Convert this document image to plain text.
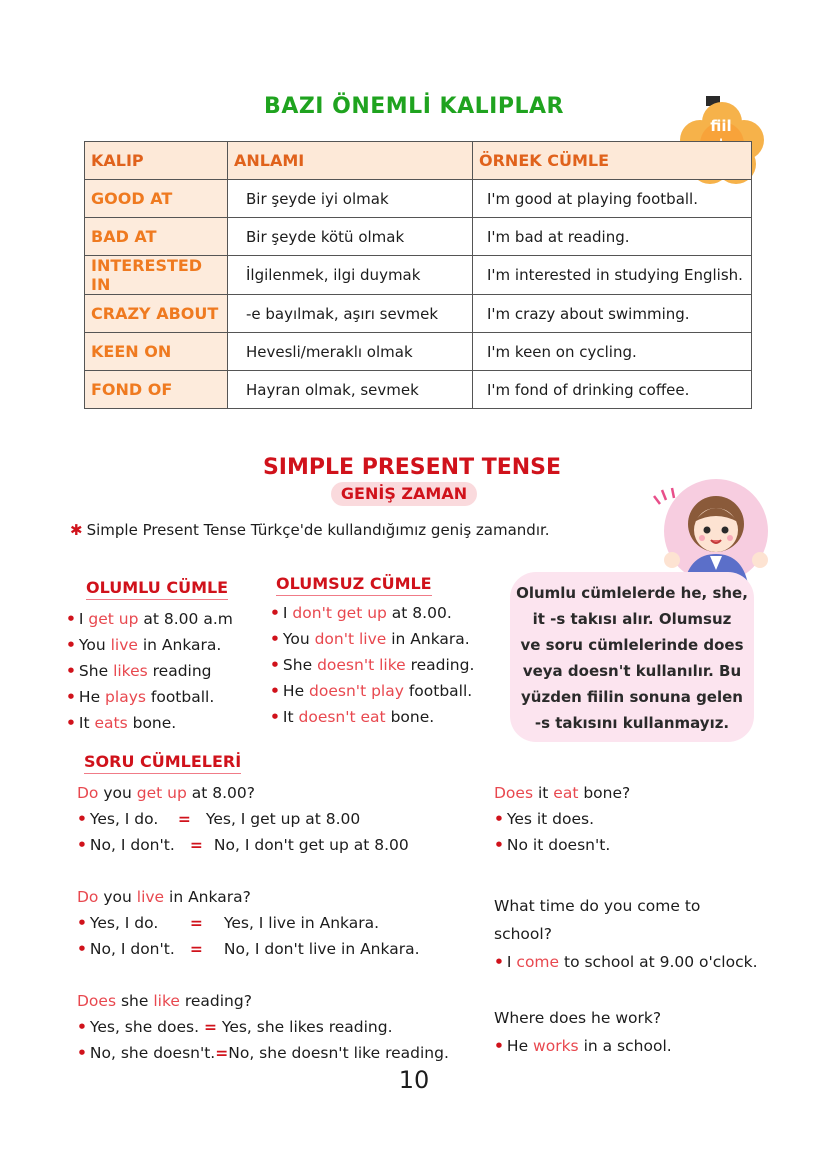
BAZI ÖNEMLİ KALIPLAR
fiil
KALIP	ANLAMI	ÖRNEK CÜMLE
GOOD AT	Bir şeyde iyi olmak	I'm good at playing football.
BAD AT	Bir şeyde kötü olmak	I'm bad at reading.
INTERESTED IN	İlgilenmek, ilgi duymak	I'm interested in studying English.
CRAZY ABOUT	-e bayılmak, aşırı sevmek	I'm crazy about swimming.
KEEN ON	Hevesli/meraklı olmak	I'm keen on cycling.
FOND OF	Hayran olmak, sevmek	I'm fond of drinking coffee.
SIMPLE PRESENT TENSE
GENİŞ ZAMAN
✱ Simple Present Tense Türkçe'de kullandığımız geniş zamandır.
OLUMLU CÜMLE
• I get up at 8.00 a.m
• You live in Ankara.
• She likes reading
• He plays football.
• It eats bone.
OLUMSUZ CÜMLE
• I don't get up at 8.00.
• You don't live in Ankara.
• She doesn't like reading.
• He doesn't play football.
• It doesn't eat bone.
Olumlu cümlelerde he, she,
it -s takısı alır. Olumsuz
ve soru cümlelerinde does
veya doesn't kullanılır. Bu
yüzden fiilin sonuna gelen
-s takısını kullanmayız.
SORU CÜMLELERİ
Do you get up at 8.00?
• Yes, I do. = Yes, I get up at 8.00
• No, I don't. = No, I don't get up at 8.00
Do you live in Ankara?
• Yes, I do. = Yes, I live in Ankara.
• No, I don't. = No, I don't live in Ankara.
Does she like reading?
• Yes, she does. = Yes, she likes reading.
• No, she doesn't.=No, she doesn't like reading.
Does it eat bone?
• Yes it does.
• No it doesn't.
What time do you come to
school?
• I come to school at 9.00 o'clock.
Where does he work?
• He works in a school.
10
